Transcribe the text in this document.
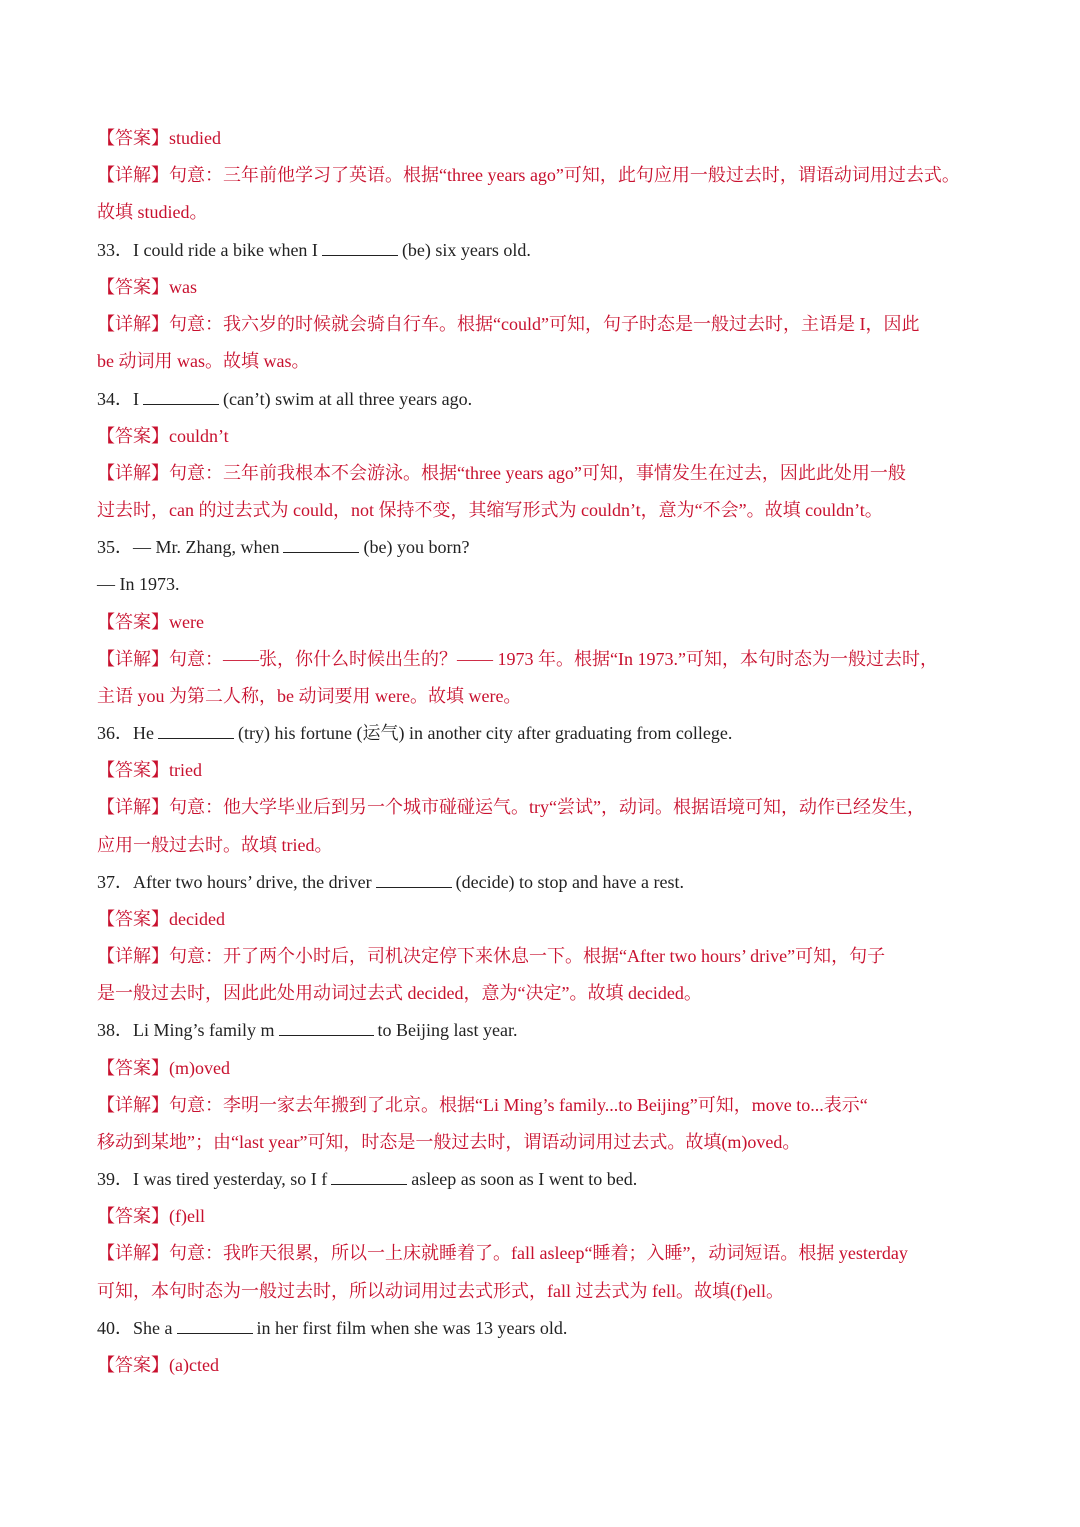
【答案】studied
【详解】句意：三年前他学习了英语。根据“three years ago”可知，此句应用一般过去时，谓语动词用过去式。
故填 studied。
33．I could ride a bike when I	(be) six years old.
【答案】was
【详解】句意：我六岁的时候就会骑自行车。根据“could”可知，句子时态是一般过去时，主语是 I，因此
be 动词用 was。故填 was。
34．I	(can’t) swim at all three years ago.
【答案】couldn’t
【详解】句意：三年前我根本不会游泳。根据“three years ago”可知，事情发生在过去，因此此处用一般
过去时，can 的过去式为 could，not 保持不变，其缩写形式为 couldn’t，意为“不会”。故填 couldn’t。
35．— Mr. Zhang, when	(be) you born?
— In 1973.
【答案】were
【详解】句意：——张，你什么时候出生的？—— 1973 年。根据“In 1973.”可知，本句时态为一般过去时，
主语 you 为第二人称，be 动词要用 were。故填 were。
36．He	(try) his fortune (运气) in another city after graduating from college.
【答案】tried
【详解】句意：他大学毕业后到另一个城市碰碰运气。try“尝试”，动词。根据语境可知，动作已经发生，
应用一般过去时。故填 tried。
37．After two hours’ drive, the driver	(decide) to stop and have a rest.
【答案】decided
【详解】句意：开了两个小时后，司机决定停下来休息一下。根据“After two hours’ drive”可知，句子
是一般过去时，因此此处用动词过去式 decided，意为“决定”。故填 decided。
38．Li Ming’s family m	to Beijing last year.
【答案】(m)oved
【详解】句意：李明一家去年搬到了北京。根据“Li Ming’s family...to Beijing”可知，move to...表示“
移动到某地”；由“last year”可知，时态是一般过去时，谓语动词用过去式。故填(m)oved。
39．I was tired yesterday, so I f	asleep as soon as I went to bed.
【答案】(f)ell
【详解】句意：我昨天很累，所以一上床就睡着了。fall asleep“睡着；入睡”，动词短语。根据 yesterday
可知，本句时态为一般过去时，所以动词用过去式形式，fall 过去式为 fell。故填(f)ell。
40．She a	in her first film when she was 13 years old.
【答案】(a)cted
